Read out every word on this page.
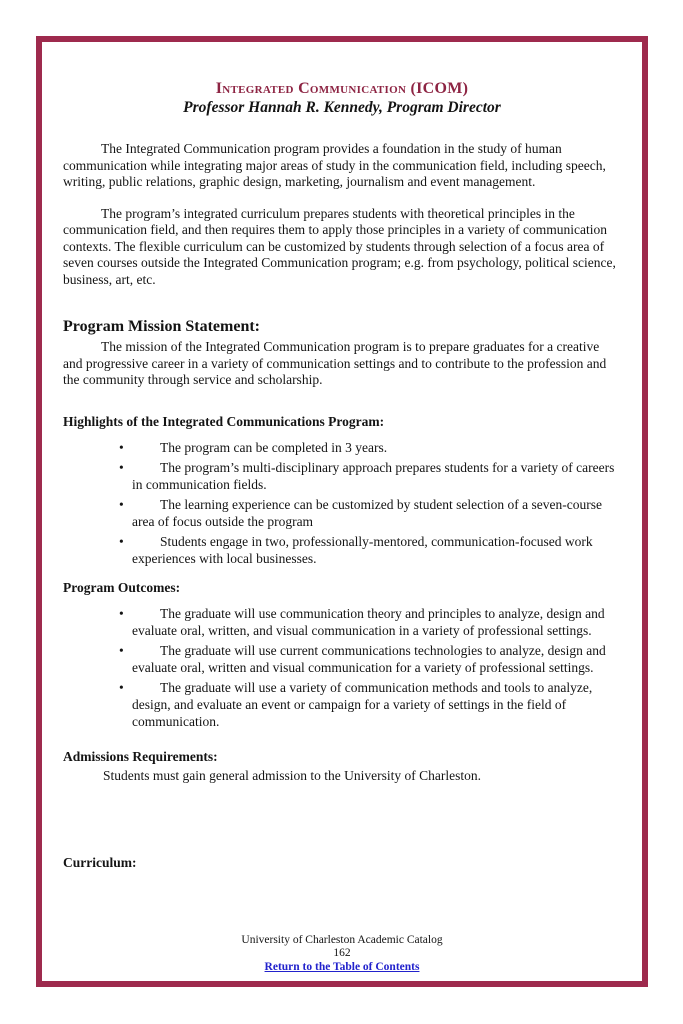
Integrated Communication (ICOM)
Professor Hannah R. Kennedy, Program Director

The Integrated Communication program provides a foundation in the study of human communication while integrating major areas of study in the communication field, including speech, writing, public relations, graphic design, marketing, journalism and event management.

The program’s integrated curriculum prepares students with theoretical principles in the communication field, and then requires them to apply those principles in a variety of communication contexts. The flexible curriculum can be customized by students through selection of a focus area of seven courses outside the Integrated Communication program; e.g. from psychology, political science, business, art, etc.

Program Mission Statement:

The mission of the Integrated Communication program is to prepare graduates for a creative and progressive career in a variety of communication settings and to contribute to the profession and the community through service and scholarship.

Highlights of the Integrated Communications Program:
• The program can be completed in 3 years.
• The program’s multi-disciplinary approach prepares students for a variety of careers in communication fields.
• The learning experience can be customized by student selection of a seven-course area of focus outside the program
• Students engage in two, professionally-mentored, communication-focused work experiences with local businesses.
Program Outcomes:
• The graduate will use communication theory and principles to analyze, design and evaluate oral, written, and visual communication in a variety of professional settings.
• The graduate will use current communications technologies to analyze, design and evaluate oral, written and visual communication for a variety of professional settings.
• The graduate will use a variety of communication methods and tools to analyze, design, and evaluate an event or campaign for a variety of settings in the field of communication.
Admissions Requirements:

Students must gain general admission to the University of Charleston.

Curriculum:
University of Charleston Academic Catalog
162
Return to the Table of Contents
